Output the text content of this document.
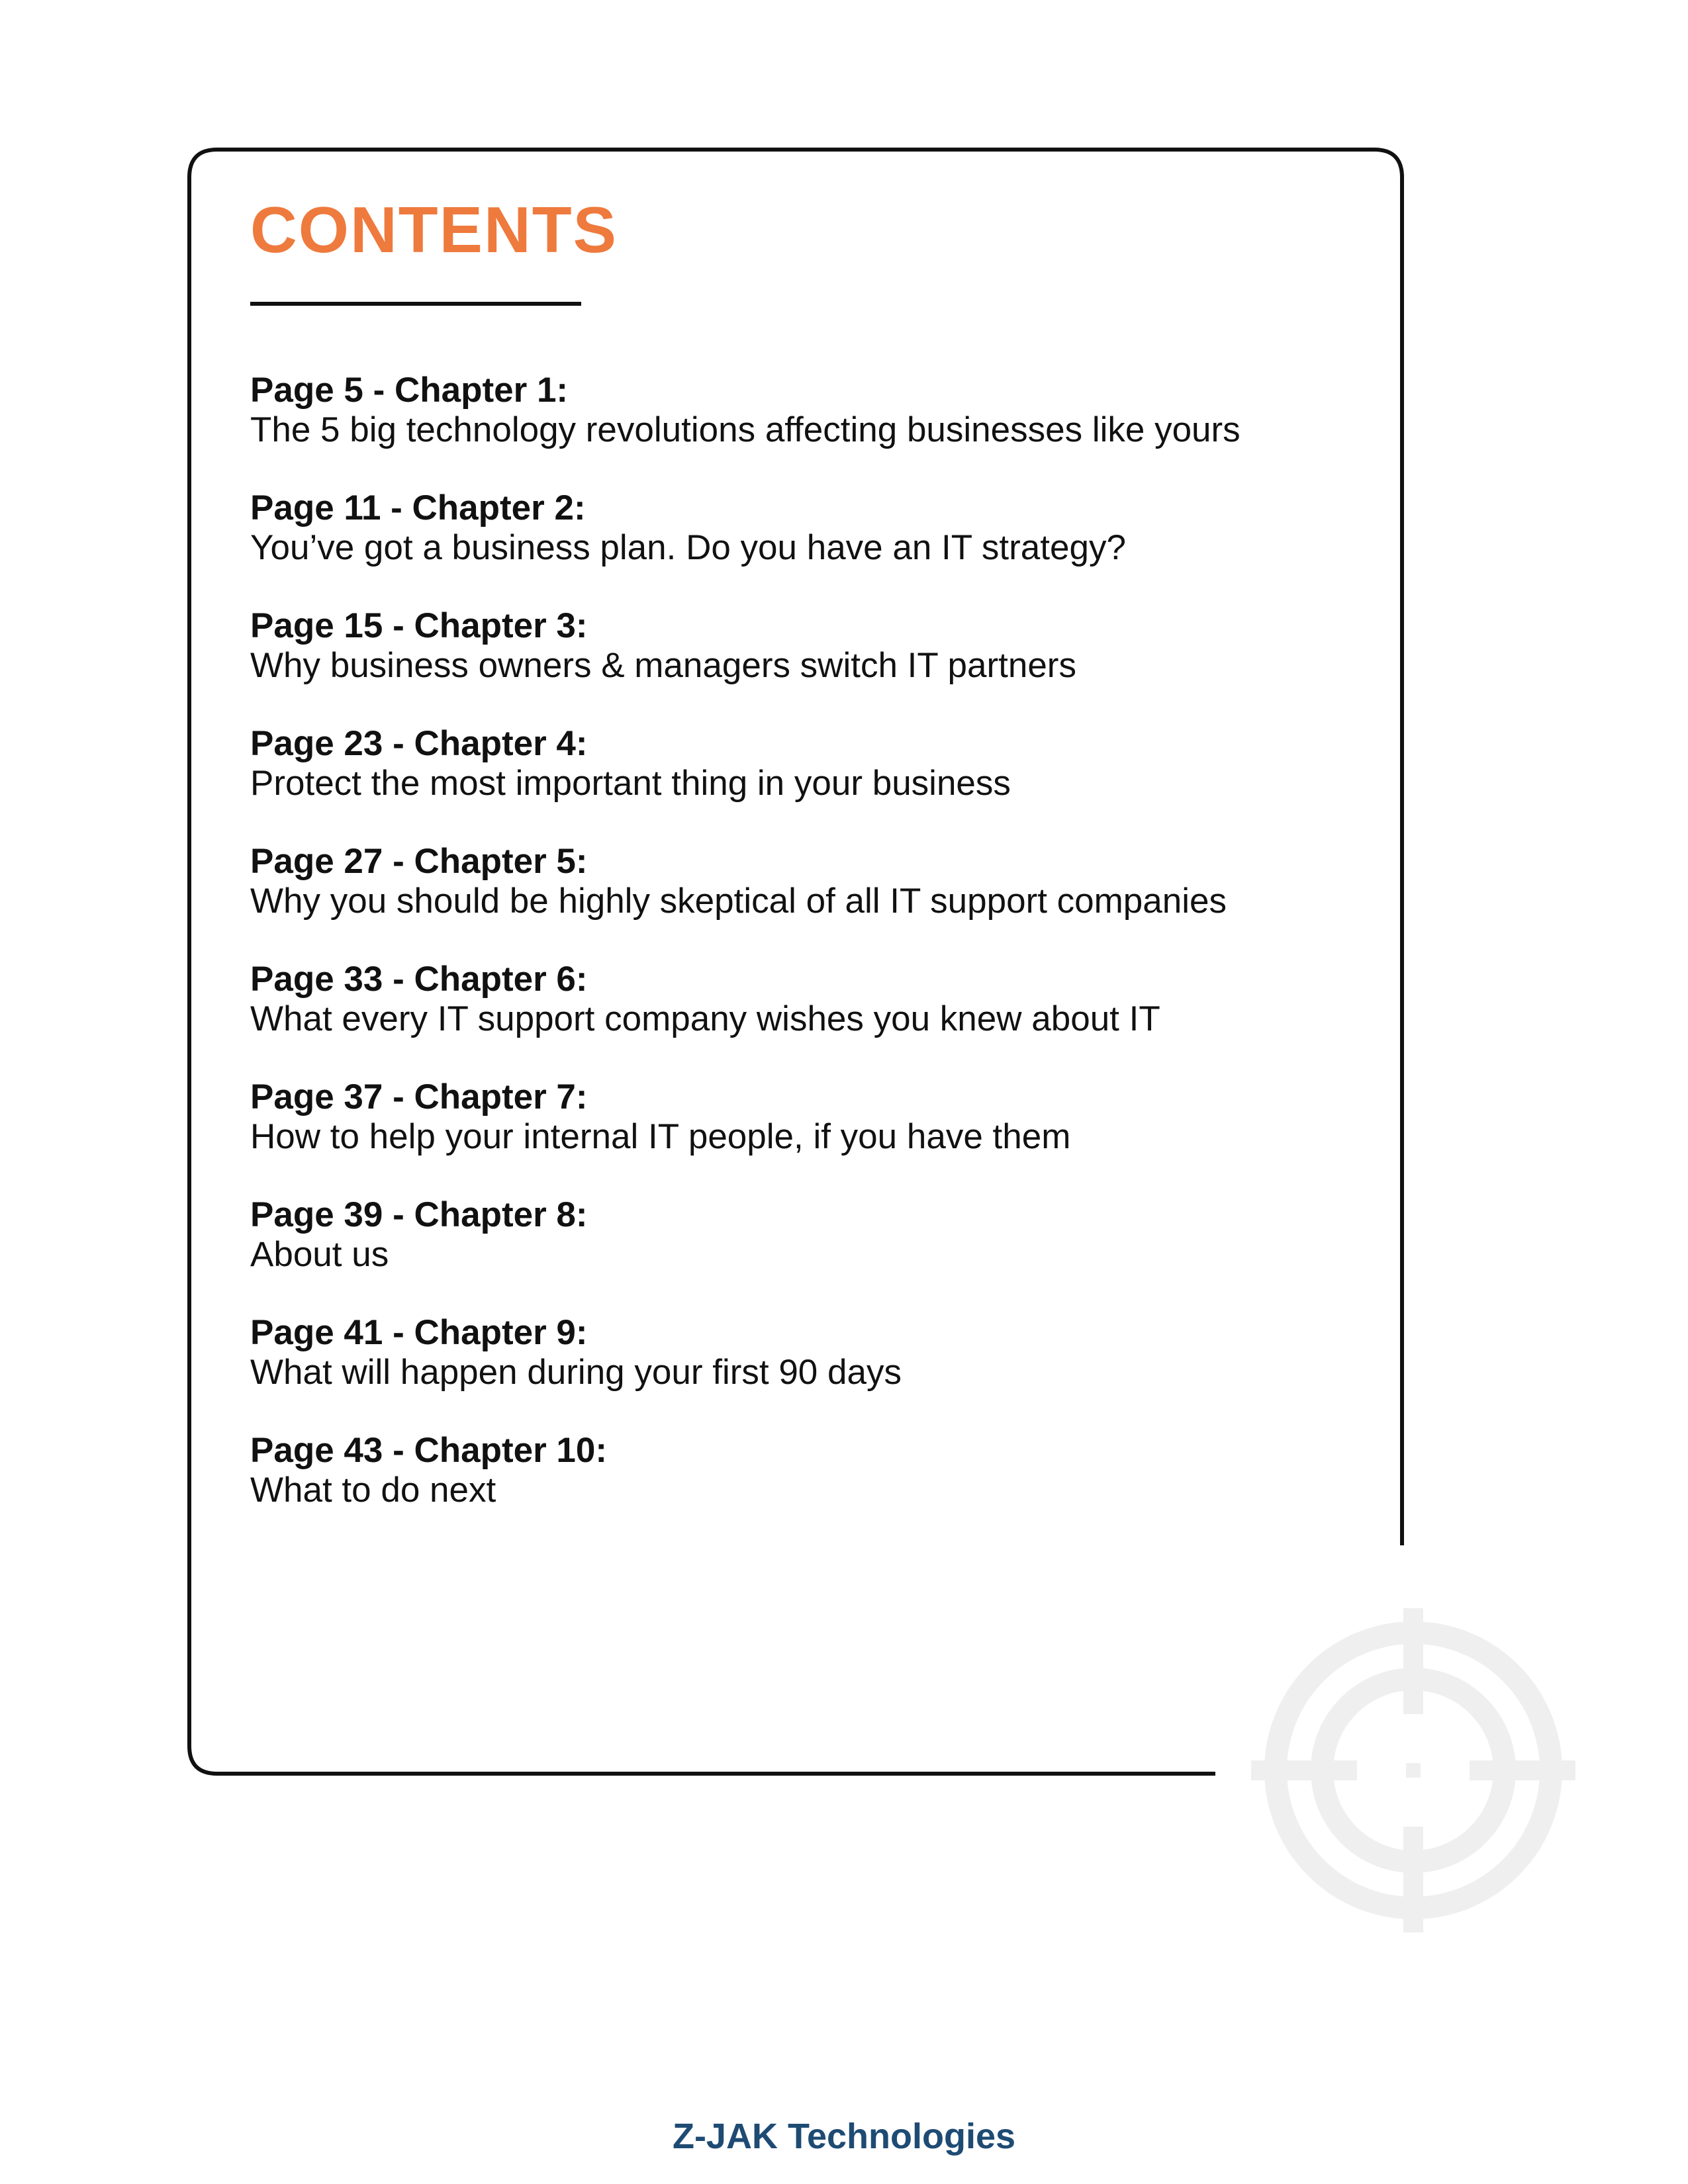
CONTENTS
Page 5 - Chapter 1:
The 5 big technology revolutions affecting businesses like yours
Page 11 - Chapter 2:
You’ve got a business plan. Do you have an IT strategy?
Page 15 - Chapter 3:
Why business owners & managers switch IT partners
Page 23 - Chapter 4:
Protect the most important thing in your business
Page 27 - Chapter 5:
Why you should be highly skeptical of all IT support companies
Page 33 - Chapter 6:
What every IT support company wishes you knew about IT
Page 37 - Chapter 7:
How to help your internal IT people, if you have them
Page 39 - Chapter 8:
About us
Page 41 - Chapter 9:
What will happen during your first 90 days
Page 43 - Chapter 10:
What to do next
Z-JAK Technologies
